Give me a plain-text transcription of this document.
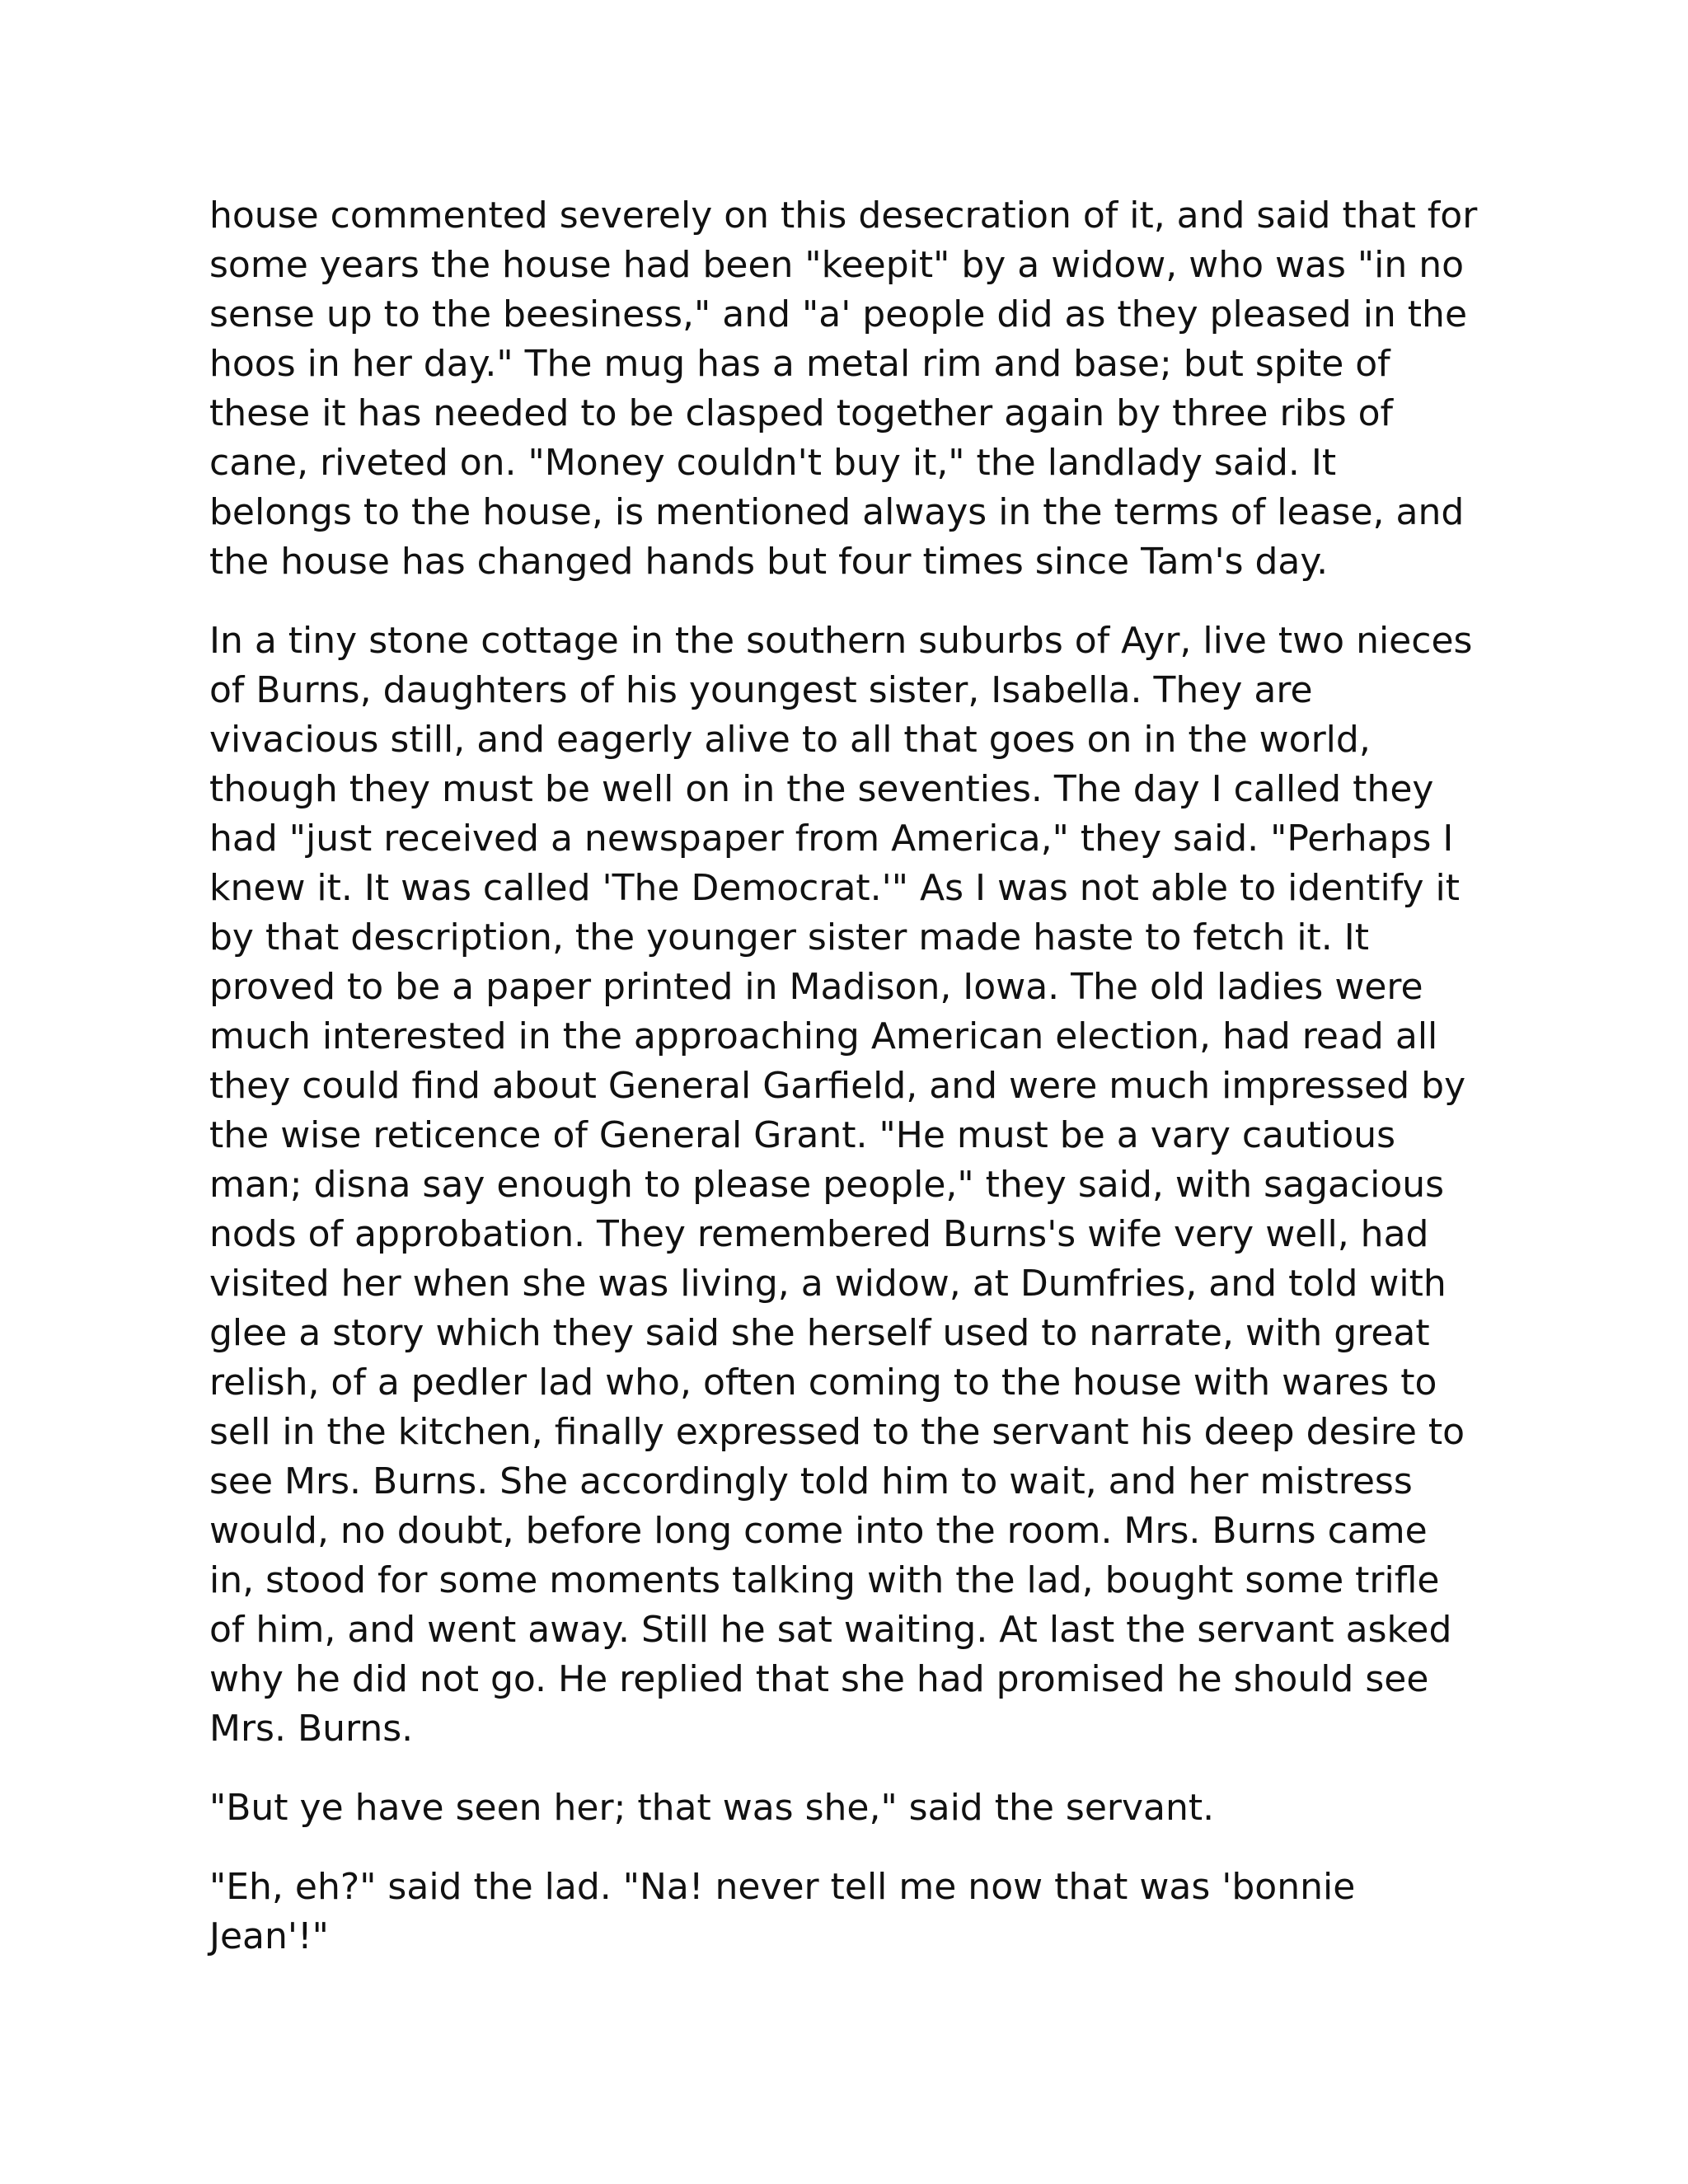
house commented severely on this desecration of it, and said that for some years the house had been "keepit" by a widow, who was "in no sense up to the beesiness," and "a' people did as they pleased in the hoos in her day." The mug has a metal rim and base; but spite of these it has needed to be clasped together again by three ribs of cane, riveted on. "Money couldn't buy it," the landlady said. It belongs to the house, is mentioned always in the terms of lease, and the house has changed hands but four times since Tam's day.

In a tiny stone cottage in the southern suburbs of Ayr, live two nieces of Burns, daughters of his youngest sister, Isabella. They are vivacious still, and eagerly alive to all that goes on in the world, though they must be well on in the seventies. The day I called they had "just received a newspaper from America," they said. "Perhaps I knew it. It was called 'The Democrat.'" As I was not able to identify it by that description, the younger sister made haste to fetch it. It proved to be a paper printed in Madison, Iowa. The old ladies were much interested in the approaching American election, had read all they could find about General Garfield, and were much impressed by the wise reticence of General Grant. "He must be a vary cautious man; disna say enough to please people," they said, with sagacious nods of approbation. They remembered Burns's wife very well, had visited her when she was living, a widow, at Dumfries, and told with glee a story which they said she herself used to narrate, with great relish, of a pedler lad who, often coming to the house with wares to sell in the kitchen, finally expressed to the servant his deep desire to see Mrs. Burns. She accordingly told him to wait, and her mistress would, no doubt, before long come into the room. Mrs. Burns came in, stood for some moments talking with the lad, bought some trifle of him, and went away. Still he sat waiting. At last the servant asked why he did not go. He replied that she had promised he should see Mrs. Burns.

"But ye have seen her; that was she," said the servant.

"Eh, eh?" said the lad. "Na! never tell me now that was 'bonnie Jean'!"
